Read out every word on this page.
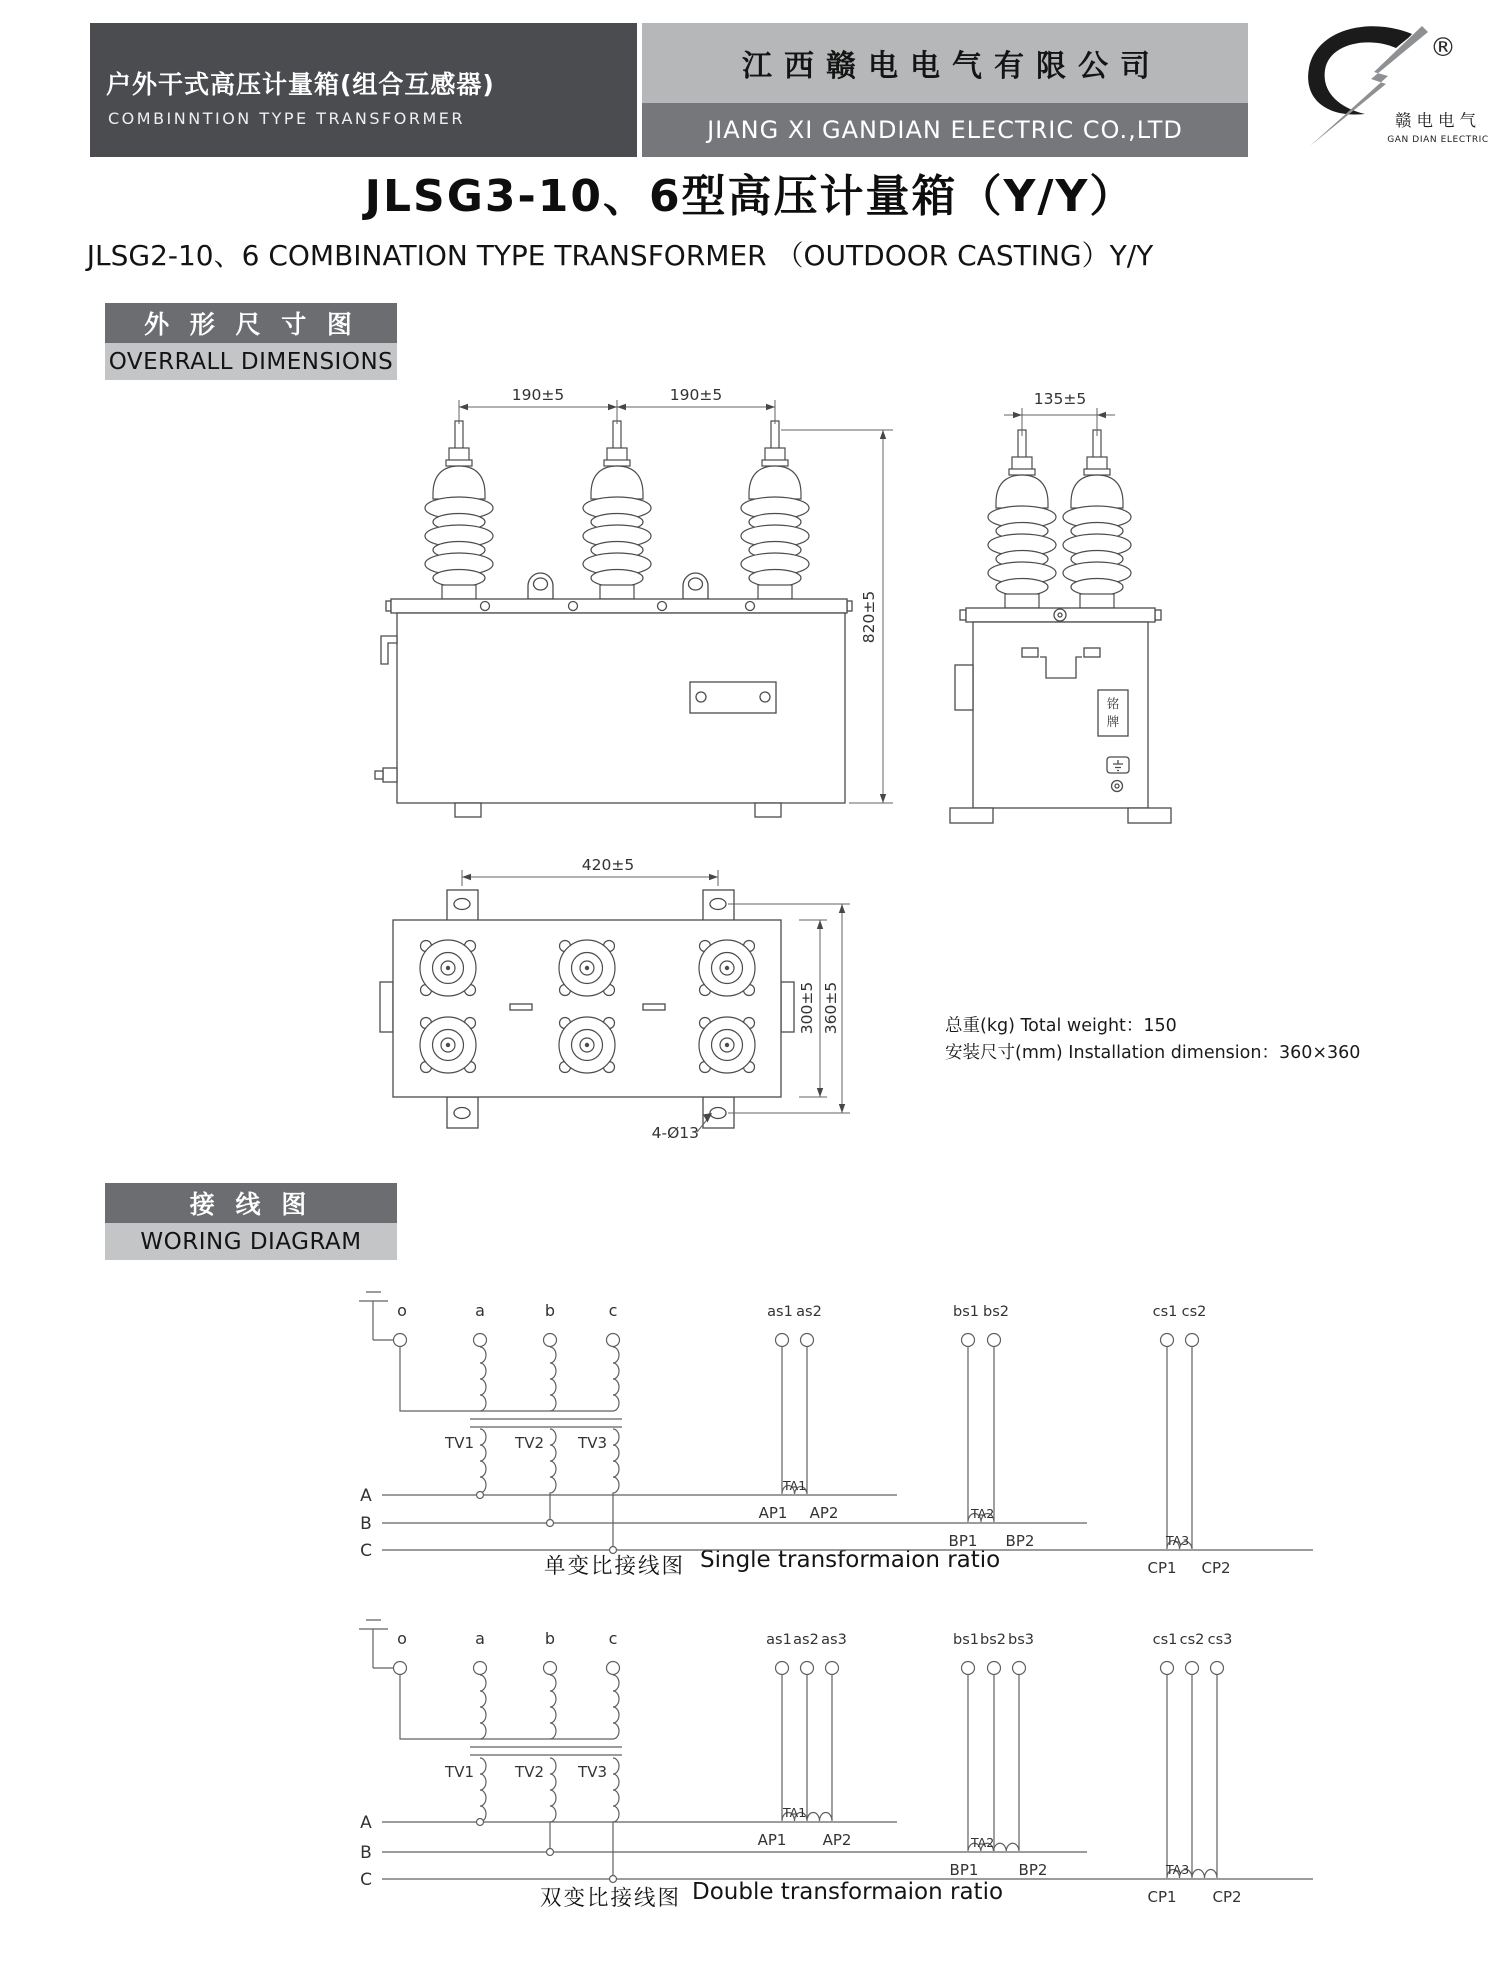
户外干式高压计量箱(组合互感器)
COMBINNTION TYPE TRANSFORMER
江西赣电电气有限公司
JIANG XI GANDIAN ELECTRIC CO.,LTD
®
赣电电气
GAN DIAN ELECTRIC
JLSG3-10、6型高压计量箱（Y/Y）
JLSG2-10、6 COMBINATION TYPE TRANSFORMER （OUTDOOR CASTING）Y/Y
外 形 尺 寸 图
OVERRALL DIMENSIONS
接 线 图
WORING DIAGRAM
总重(kg) Total weight：150
安装尺寸(mm) Installation dimension：360×360
单变比接线图 Single transformaion ratio
双变比接线图 Double transformaion ratio
190±5	190±5
820±5
铭
牌
135±5
420±5
300±5 360±5
4-Ø13
o	a	b	c
TV1	TV2 TV3
A
B
C
as1 as2
TA1
AP1 AP2
bs1 bs2
TA2
BP1 BP2
cs1 cs2
TA3
CP1 CP2
o	a	b	c
TV1	TV2 TV3
A
B
C
as1 as2 as3
TA1
AP1 AP2
bs1 bs2 bs3
TA2
BP1	BP2
cs1 cs2 cs3
TA3
CP1 CP2
